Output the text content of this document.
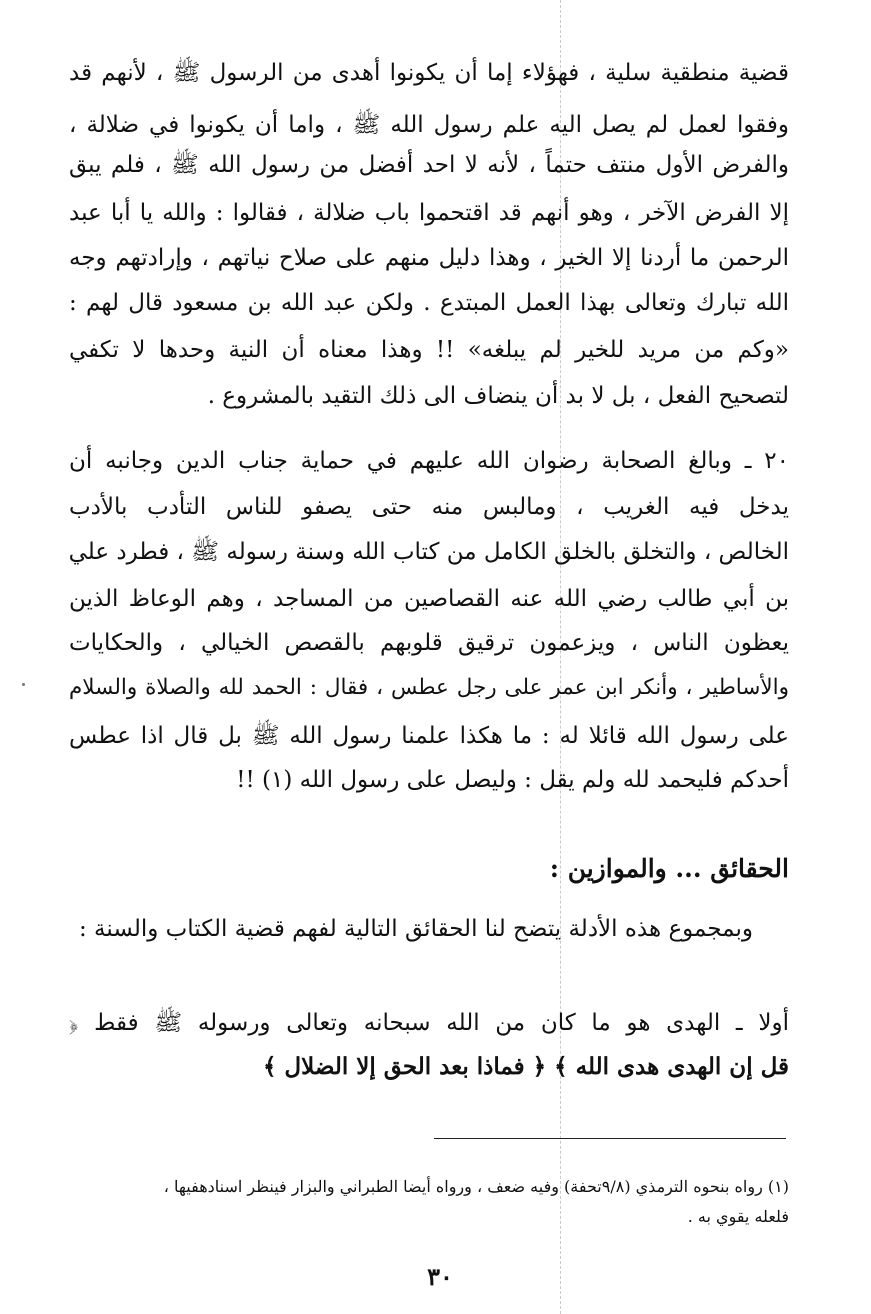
قضية منطقية سلية ، فهؤلاء إما أن يكونوا أهدى من الرسول ﷺ ، لأنهم قد
وفقوا لعمل لم يصل اليه علم رسول الله ﷺ ، واما أن يكونوا في ضلالة ،
والفرض الأول منتف حتماً ، لأنه لا احد أفضل من رسول الله ﷺ ، فلم يبق
إلا الفرض الآخر ، وهو أنهم قد اقتحموا باب ضلالة ، فقالوا : والله يا أبا عبد
الرحمن ما أردنا إلا الخير ، وهذا دليل منهم على صلاح نياتهم ، وإرادتهم وجه
الله تبارك وتعالى بهذا العمل المبتدع . ولكن عبد الله بن مسعود قال لهم :
«وكم من مريد للخير لم يبلغه» !! وهذا معناه أن النية وحدها لا تكفي
لتصحيح الفعل ، بل لا بد أن ينضاف الى ذلك التقيد بالمشروع .
٢٠ ـ وبالغ الصحابة رضوان الله عليهم في حماية جناب الدين وجانبه أن
يدخل فيه الغريب ، ومالبس منه حتى يصفو للناس التأدب بالأدب
الخالص ، والتخلق بالخلق الكامل من كتاب الله وسنة رسوله ﷺ ، فطرد علي
بن أبي طالب رضي الله عنه القصاصين من المساجد ، وهم الوعاظ الذين
يعظون الناس ، ويزعمون ترقيق قلوبهم بالقصص الخيالي ، والحكايات
والأساطير ، وأنكر ابن عمر على رجل عطس ، فقال : الحمد لله والصلاة والسلام
على رسول الله قائلا له : ما هكذا علمنا رسول الله ﷺ بل قال اذا عطس
أحدكم فليحمد لله ولم يقل : وليصل على رسول الله (١) !!
الحقائق ... والموازين :
وبمجموع هذه الأدلة يتضح لنا الحقائق التالية لفهم قضية الكتاب والسنة :
أولا ـ الهدى هو ما كان من الله سبحانه وتعالى ورسوله ﷺ فقط ﴿
قل إن الهدى هدى الله ﴾ ﴿ فماذا بعد الحق إلا الضلال ﴾
(١) رواه بنحوه الترمذي (٩/٨تحفة) وفيه ضعف ، ورواه أيضا الطبراني والبزار فينظر اسنادهفيها ،
فلعله يقوي به .
٣٠
